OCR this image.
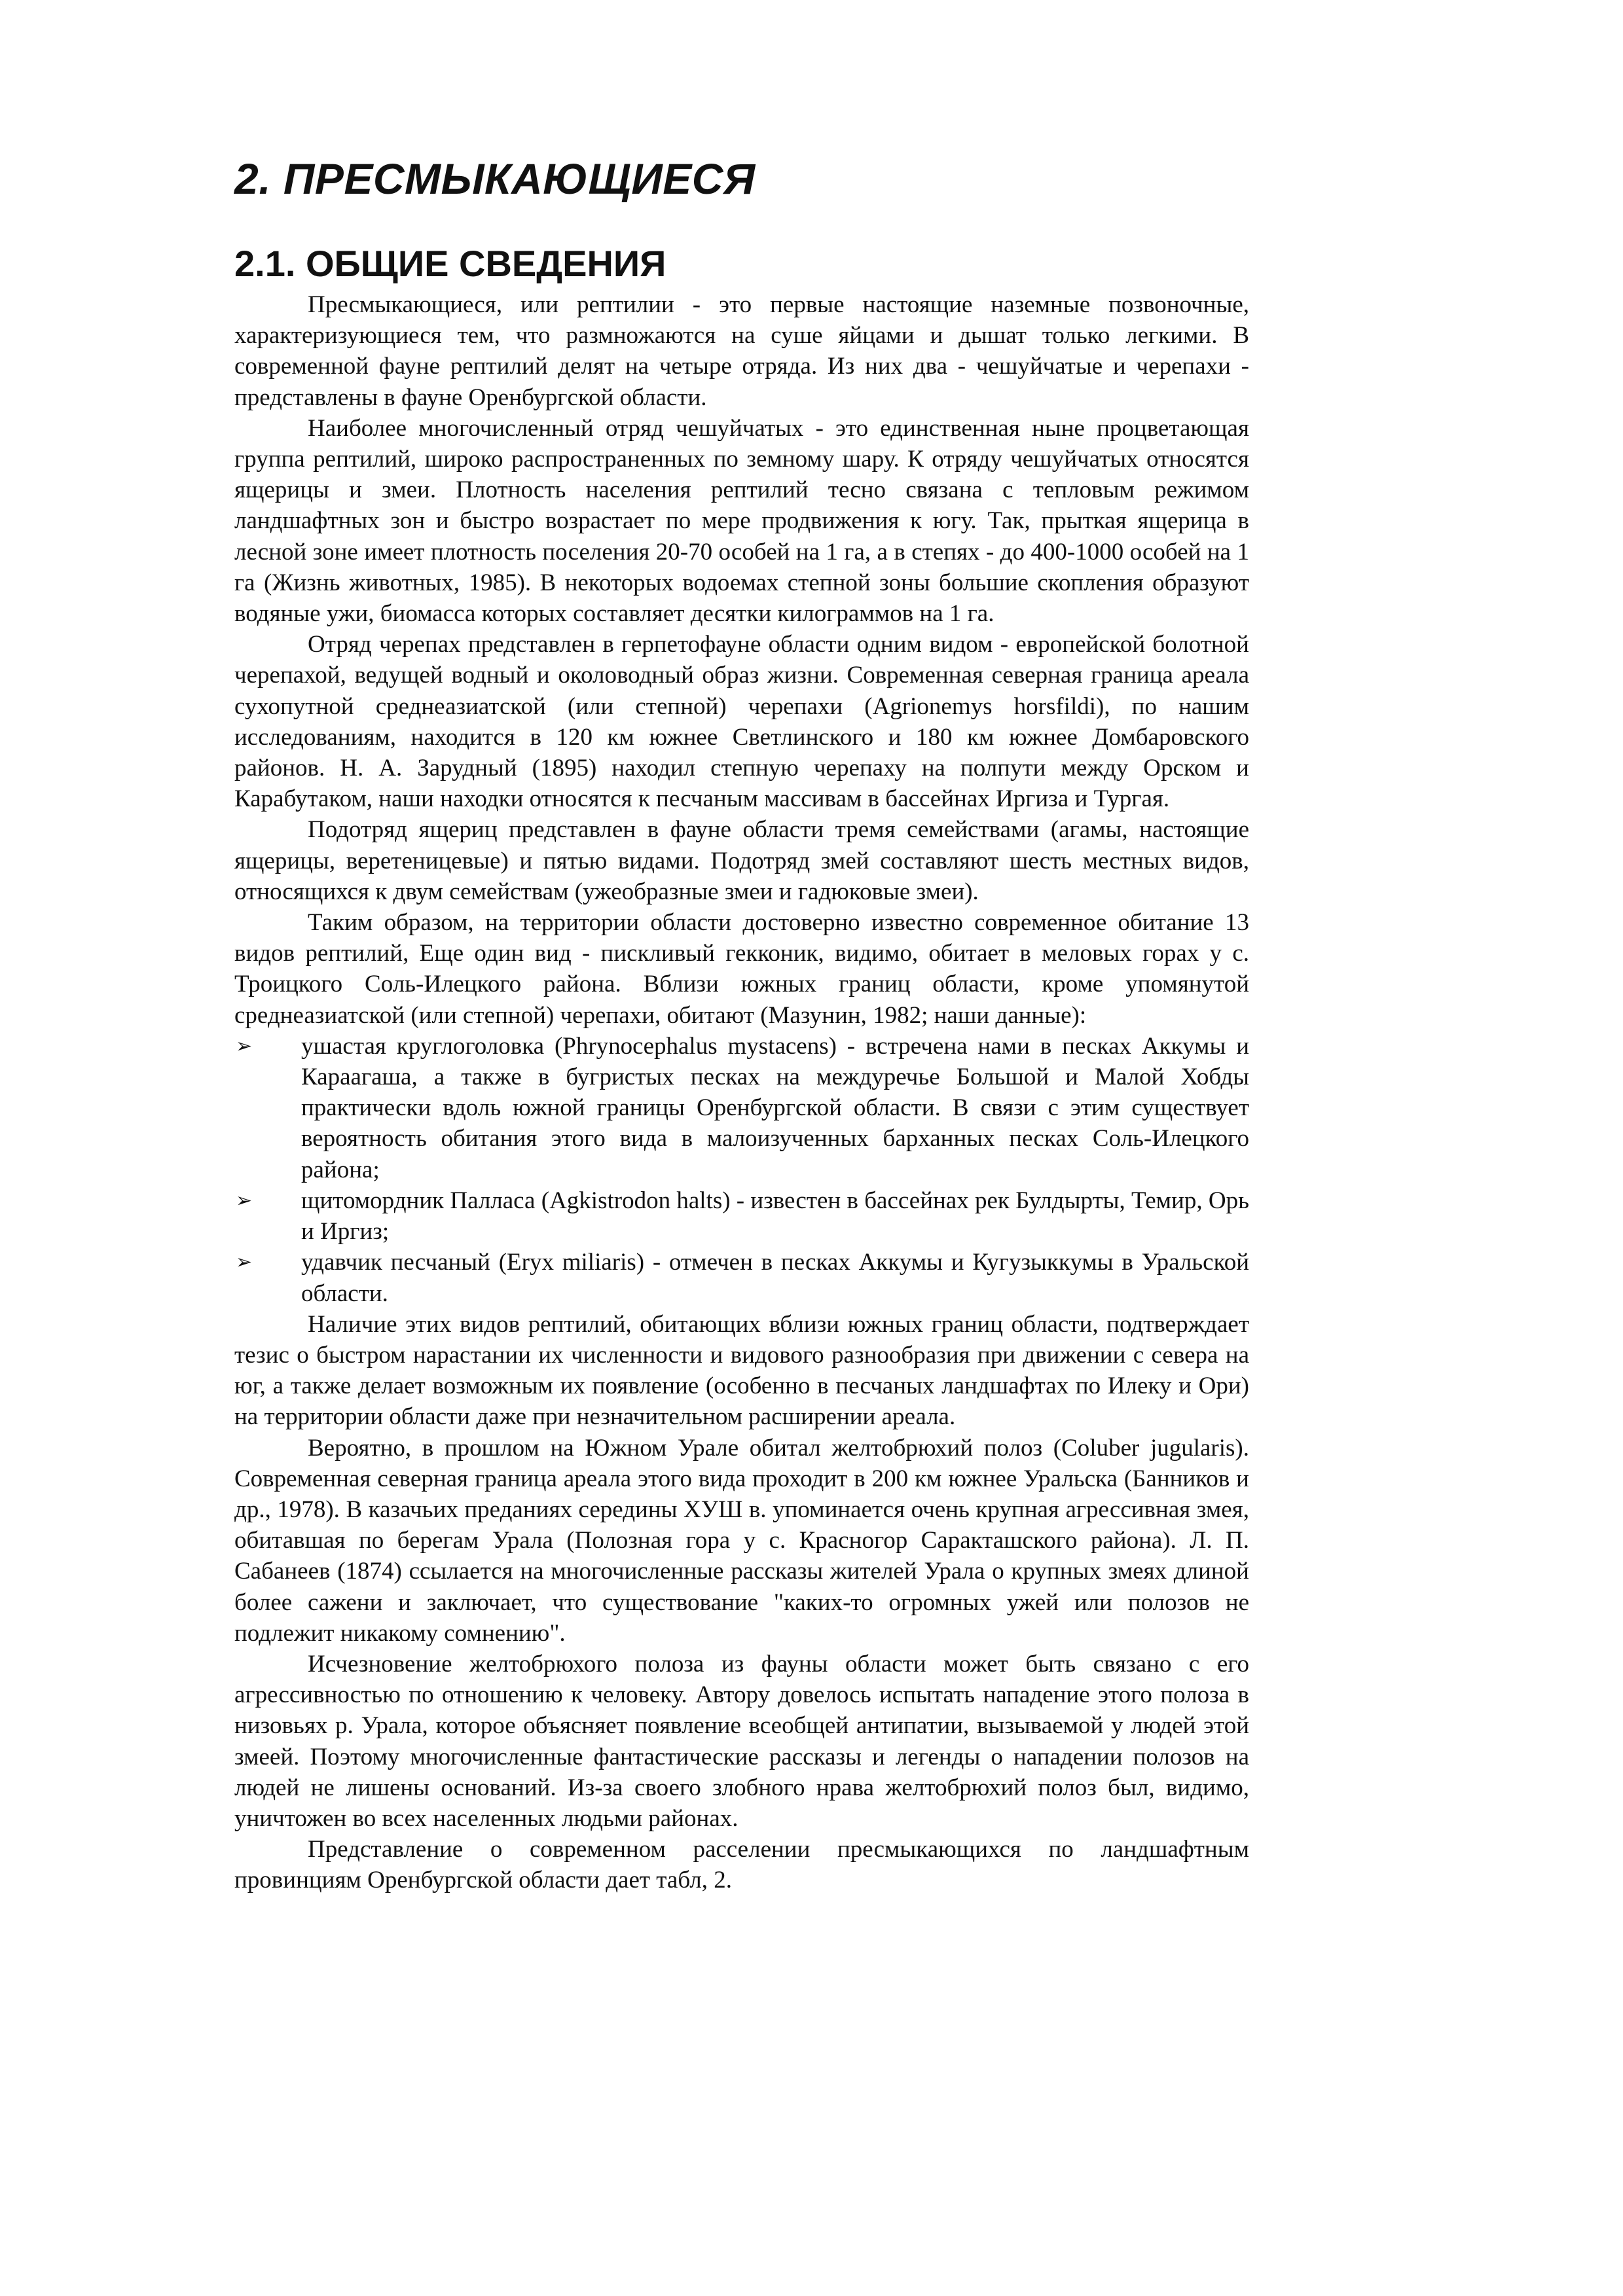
2. ПРЕСМЫКАЮЩИЕСЯ
2.1. ОБЩИЕ СВЕДЕНИЯ

Пресмыкающиеся, или рептилии - это первые настоящие наземные позвоночные, характеризующиеся тем, что размножаются на суше яйцами и дышат только легкими. В современной фауне рептилий делят на четыре отряда. Из них два - чешуйчатые и черепахи - представлены в фауне Оренбургской области.

Наиболее многочисленный отряд чешуйчатых - это единственная ныне процветающая группа рептилий, широко распространенных по земному шару. К отряду чешуйчатых относятся ящерицы и змеи. Плотность населения рептилий тесно связана с тепловым режимом ландшафтных зон и быстро возрастает по мере продвижения к югу. Так, прыткая ящерица в лесной зоне имеет плотность поселения 20-70 особей на 1 га, а в степях - до 400-1000 особей на 1 га (Жизнь животных, 1985). В некоторых водоемах степной зоны большие скопления образуют водяные ужи, биомасса которых составляет десятки килограммов на 1 га.

Отряд черепах представлен в герпетофауне области одним видом - европейской болотной черепахой, ведущей водный и околоводный образ жизни. Современная северная граница ареала сухопутной среднеазиатской (или степной) черепахи (Agrionemys horsfildi), по нашим исследованиям, находится в 120 км южнее Светлинского и 180 км южнее Домбаровского районов. Н. А. Зарудный (1895) находил степную черепаху на полпути между Орском и Карабутаком, наши находки относятся к песчаным массивам в бассейнах Иргиза и Тургая.

Подотряд ящериц представлен в фауне области тремя семействами (агамы, настоящие ящерицы, веретеницевые) и пятью видами. Подотряд змей составляют шесть местных видов, относящихся к двум семействам (ужеобразные змеи и гадюковые змеи).

Таким образом, на территории области достоверно известно современное обитание 13 видов рептилий, Еще один вид - пискливый гекконик, видимо, обитает в меловых горах у с. Троицкого Соль-Илецкого района. Вблизи южных границ области, кроме упомянутой среднеазиатской (или степной) черепахи, обитают (Мазунин, 1982; наши данные):

➢ ушастая круглоголовка (Phrynocephalus mystacens) - встречена нами в песках Аккумы и Караагаша, а также в бугристых песках на междуречье Большой и Малой Хобды практически вдоль южной границы Оренбургской области. В связи с этим существует вероятность обитания этого вида в малоизученных барханных песках Соль-Илецкого района;
➢ щитомордник Палласа (Agkistrodon halts) - известен в бассейнах рек Булдырты, Темир, Орь и Иргиз;
➢ удавчик песчаный (Eryx miliaris) - отмечен в песках Аккумы и Кугузыккумы в Уральской области.

Наличие этих видов рептилий, обитающих вблизи южных границ области, подтверждает тезис о быстром нарастании их численности и видового разнообразия при движении с севера на юг, а также делает возможным их появление (особенно в песчаных ландшафтах по Илеку и Ори) на территории области даже при незначительном расширении ареала.

Вероятно, в прошлом на Южном Урале обитал желтобрюхий полоз (Coluber jugularis). Современная северная граница ареала этого вида проходит в 200 км южнее Уральска (Банников и др., 1978). В казачьих преданиях середины ХУШ в. упоминается очень крупная агрессивная змея, обитавшая по берегам Урала (Полозная гора у с. Красногор Саракташского района). Л. П. Сабанеев (1874) ссылается на многочисленные рассказы жителей Урала о крупных змеях длиной более сажени и заключает, что существование "каких-то огромных ужей или полозов не подлежит никакому сомнению".

Исчезновение желтобрюхого полоза из фауны области может быть связано с его агрессивностью по отношению к человеку. Автору довелось испытать нападение этого полоза в низовьях р. Урала, которое объясняет появление всеобщей антипатии, вызываемой у людей этой змеей. Поэтому многочисленные фантастические рассказы и легенды о нападении полозов на людей не лишены оснований. Из-за своего злобного нрава желтобрюхий полоз был, видимо, уничтожен во всех населенных людьми районах.

Представление о современном расселении пресмыкающихся по ландшафтным провинциям Оренбургской области дает табл, 2.
